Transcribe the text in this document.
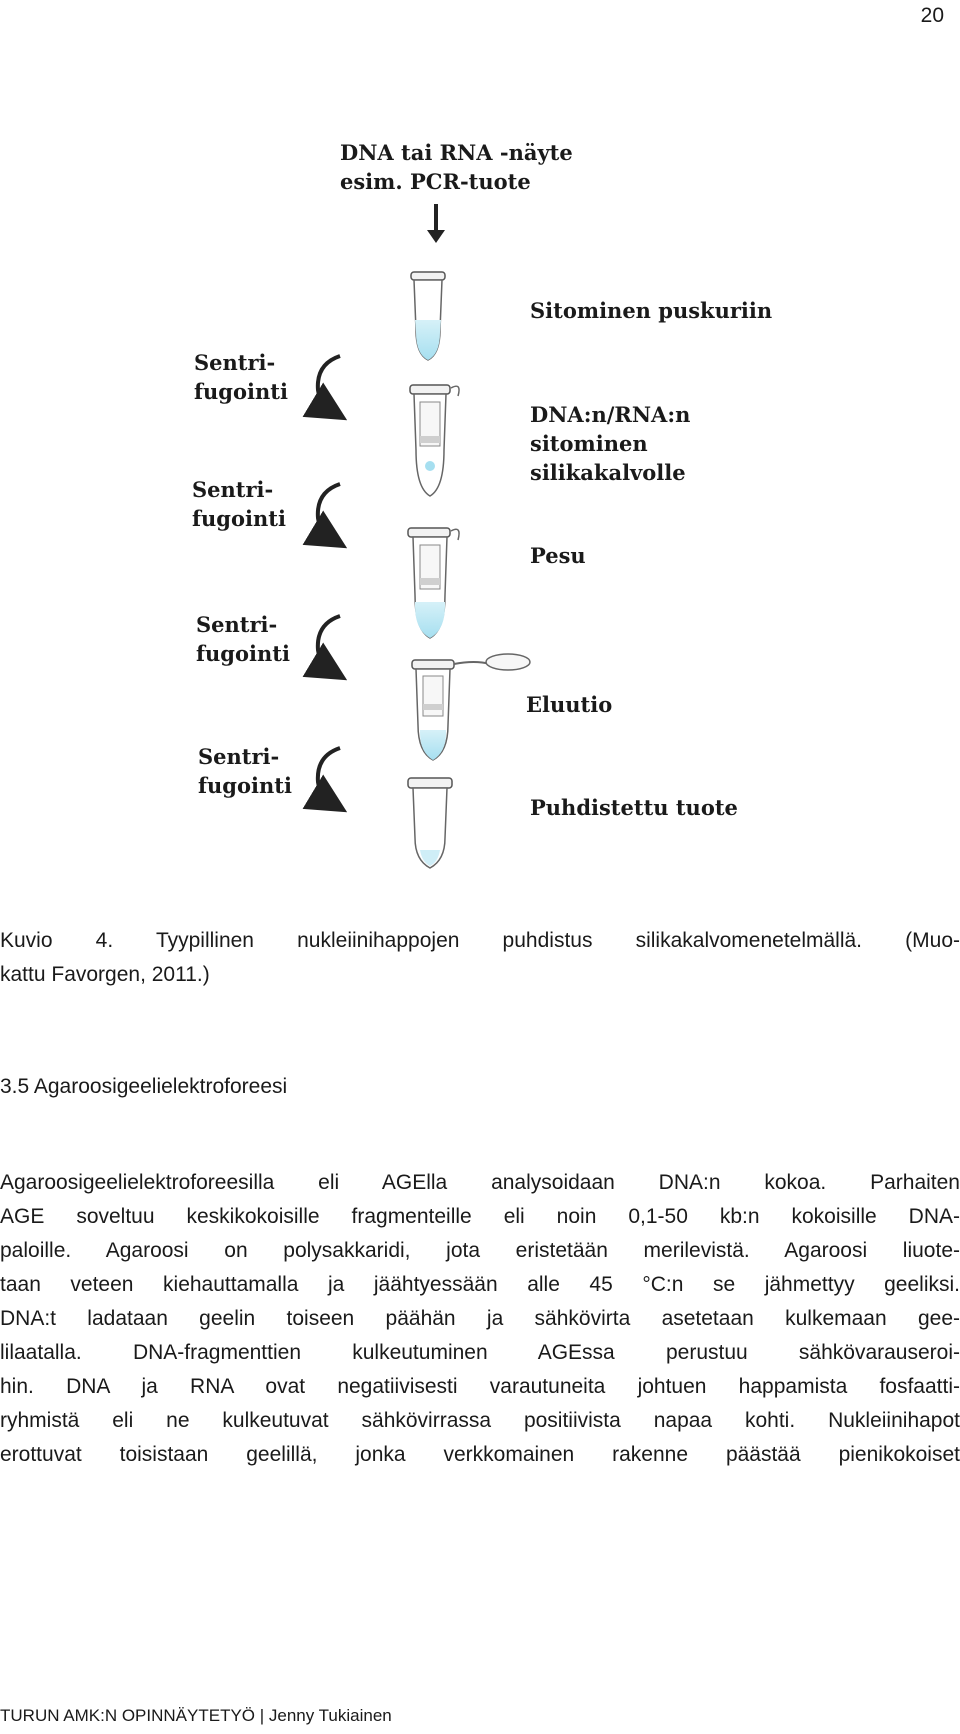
20
DNA tai RNA -näyte
esim. PCR-tuote
Sitominen puskuriin
DNA:n/RNA:n
sitominen
silikakalvolle
Pesu
Eluutio
Puhdistettu tuote
Sentri-
fugointi
Sentri-
fugointi
Sentri-
fugointi
Sentri-
fugointi
Kuvio 4. Tyypillinen nukleiinihappojen puhdistus silikakalvomenetelmällä. (Muo-
kattu Favorgen, 2011.)
3.5 Agaroosigeelielektroforeesi
Agaroosigeelielektroforeesilla eli AGElla analysoidaan DNA:n kokoa. Parhaiten
AGE soveltuu keskikokoisille fragmenteille eli noin 0,1-50 kb:n kokoisille DNA-
paloille. Agaroosi on polysakkaridi, jota eristetään merilevistä. Agaroosi liuote-
taan veteen kiehauttamalla ja jäähtyessään alle 45 °C:n se jähmettyy geeliksi.
DNA:t ladataan geelin toiseen päähän ja sähkövirta asetetaan kulkemaan gee-
lilaatalla. DNA-fragmenttien kulkeutuminen AGEssa perustuu sähkövarauseroi-
hin. DNA ja RNA ovat negatiivisesti varautuneita johtuen happamista fosfaatti-
ryhmistä eli ne kulkeutuvat sähkövirrassa positiivista napaa kohti. Nukleiinihapot
erottuvat toisistaan geelillä, jonka verkkomainen rakenne päästää pienikokoiset
TURUN AMK:N OPINNÄYTETYÖ | Jenny Tukiainen
